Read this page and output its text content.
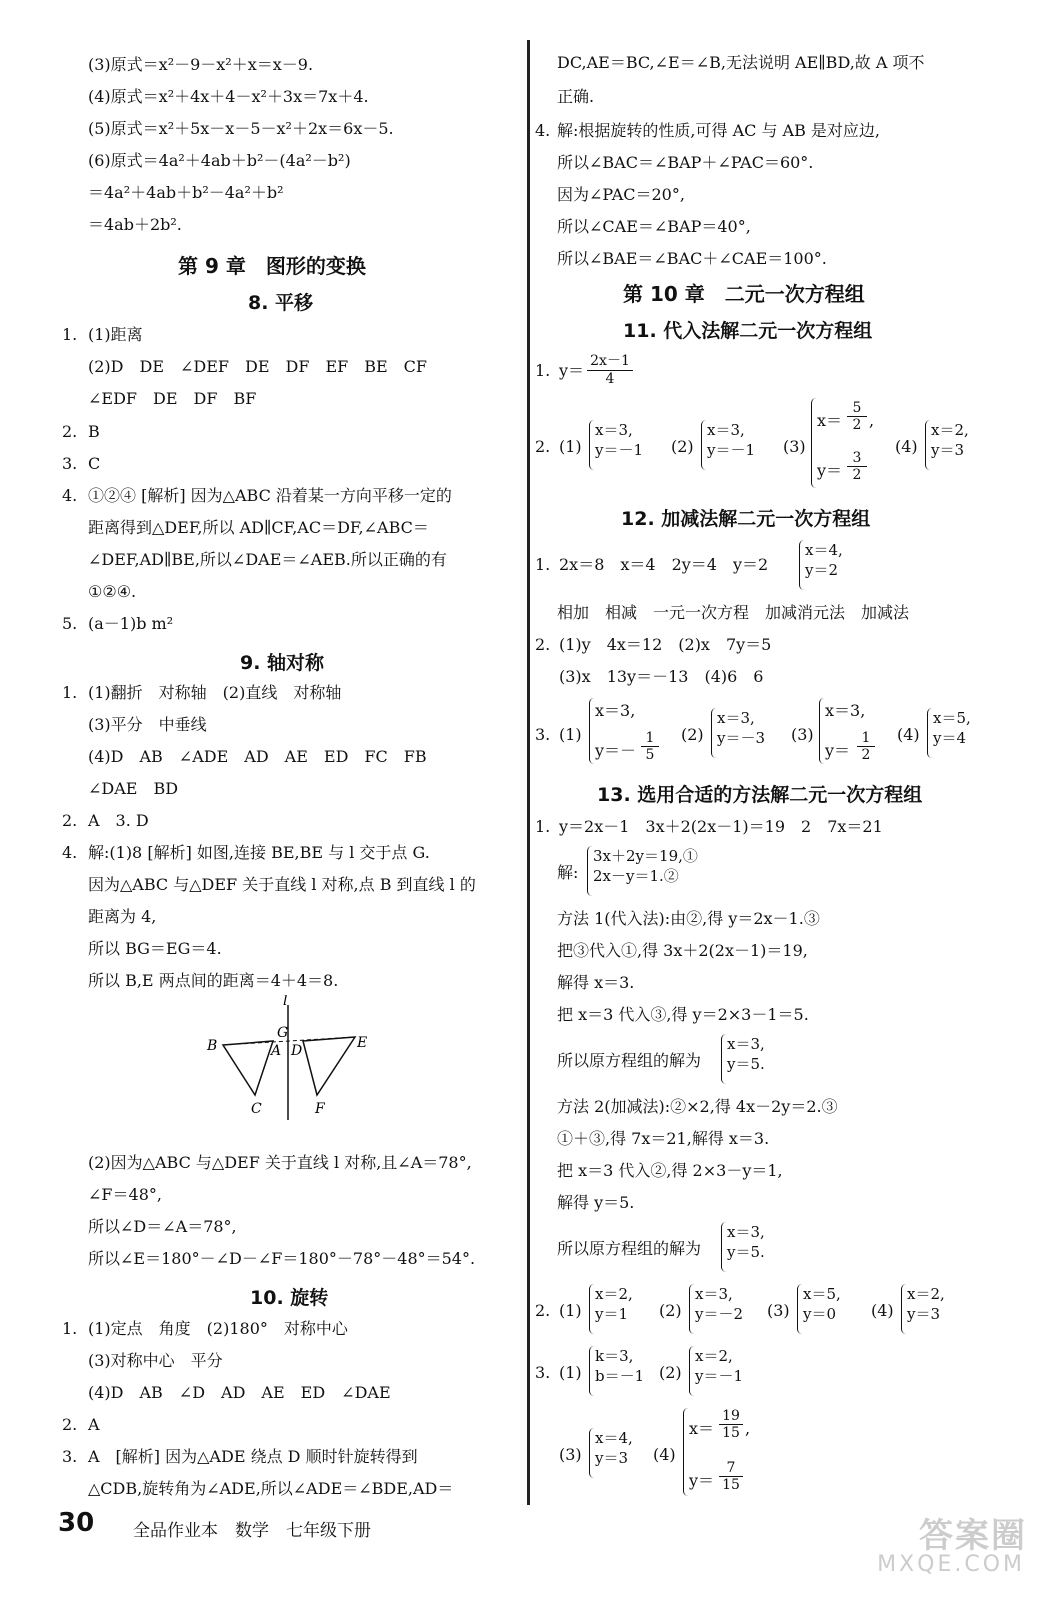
(3)原式＝x²－9－x²＋x＝x－9.
(4)原式＝x²＋4x＋4－x²＋3x＝7x＋4.
(5)原式＝x²＋5x－x－5－x²＋2x＝6x－5.
(6)原式＝4a²＋4ab＋b²－(4a²－b²)
＝4a²＋4ab＋b²－4a²＋b²
＝4ab＋2b².
第 9 章　图形的变换
8. 平移
1. (1)距离
(2)D　DE　∠DEF　DE　DF　EF　BE　CF
∠EDF　DE　DF　BF
2. B
3. C
4. ①②④ [解析] 因为△ABC 沿着某一方向平移一定的
距离得到△DEF,所以 AD∥CF,AC＝DF,∠ABC＝
∠DEF,AD∥BE,所以∠DAE＝∠AEB.所以正确的有
①②④.
5. (a－1)b m²
9. 轴对称
1. (1)翻折　对称轴　(2)直线　对称轴
(3)平分　中垂线
(4)D　AB　∠ADE　AD　AE　ED　FC　FB
∠DAE　BD
2. A　3. D
4. 解:(1)8 [解析] 如图,连接 BE,BE 与 l 交于点 G.
因为△ABC 与△DEF 关于直线 l 对称,点 B 到直线 l 的
距离为 4,
所以 BG＝EG＝4.
所以 B,E 两点间的距离＝4＋4＝8.
l
G
B	A D	E
C	F
(2)因为△ABC 与△DEF 关于直线 l 对称,且∠A＝78°,
∠F＝48°,
所以∠D＝∠A＝78°,
所以∠E＝180°－∠D－∠F＝180°－78°－48°＝54°.
10. 旋转
1. (1)定点　角度　(2)180°　对称中心
(3)对称中心　平分
(4)D　AB　∠D　AD　AE　ED　∠DAE
2. A
3. A　[解析] 因为△ADE 绕点 D 顺时针旋转得到
△CDB,旋转角为∠ADE,所以∠ADE＝∠BDE,AD＝
DC,AE＝BC,∠E＝∠B,无法说明 AE∥BD,故 A 项不
正确.
4. 解:根据旋转的性质,可得 AC 与 AB 是对应边,
所以∠BAC＝∠BAP＋∠PAC＝60°.
因为∠PAC＝20°,
所以∠CAE＝∠BAP＝40°,
所以∠BAE＝∠BAC＋∠CAE＝100°.
第 10 章　二元一次方程组
11. 代入法解二元一次方程组
1. $y= \frac{2x-1}{4}$
2. (1)
x＝3,
y＝－1 (2)
x＝3,
y＝－1 (3)
$x= \frac{5}{2}$ ,
$y= \frac{3}{2}$
(4)
x＝2,
y＝3
12. 加减法解二元一次方程组
1. 2x＝8　x＝4　2y＝4　y＝2
x＝4,
y＝2
相加　相减　一元一次方程　加减消元法　加减法
2. (1)y　4x＝12　(2)x　7y＝5
(3)x　13y＝－13　(4)6　6
3. (1)
x＝3,
$y=- \frac{1}{5} (2)$
x＝3,
y＝－3 (3)
x＝3,
$y= \frac{1}{2} (4)$
x＝5,
y＝4
13. 选用合适的方法解二元一次方程组
1. y＝2x－1　3x＋2(2x－1)＝19　2　7x＝21
解:
3x＋2y＝19,①
2x－y＝1.②
方法 1(代入法):由②,得 y＝2x－1.③
把③代入①,得 3x＋2(2x－1)＝19,
解得 x＝3.
把 x＝3 代入③,得 y＝2×3－1＝5.
所以原方程组的解为
x＝3,
y＝5.
方法 2(加减法):②×2,得 4x－2y＝2.③
①＋③,得 7x＝21,解得 x＝3.
把 x＝3 代入②,得 2×3－y＝1,
解得 y＝5.
所以原方程组的解为
x＝3,
y＝5.
2. (1)
x＝2,
y＝1 (2)
x＝3,
y＝－2 (3)
x＝5,
y＝0 (4)
x＝2,
y＝3
3. (1)
k＝3,
b＝－1 (2)
x＝2,
y＝－1
(3)
x＝4,
y＝3 (4)
$x= \frac{19}{15}$ ,
$y= \frac{7}{15}$
30 全品作业本　数学　七年级下册	答案圈
MXQE.COM
